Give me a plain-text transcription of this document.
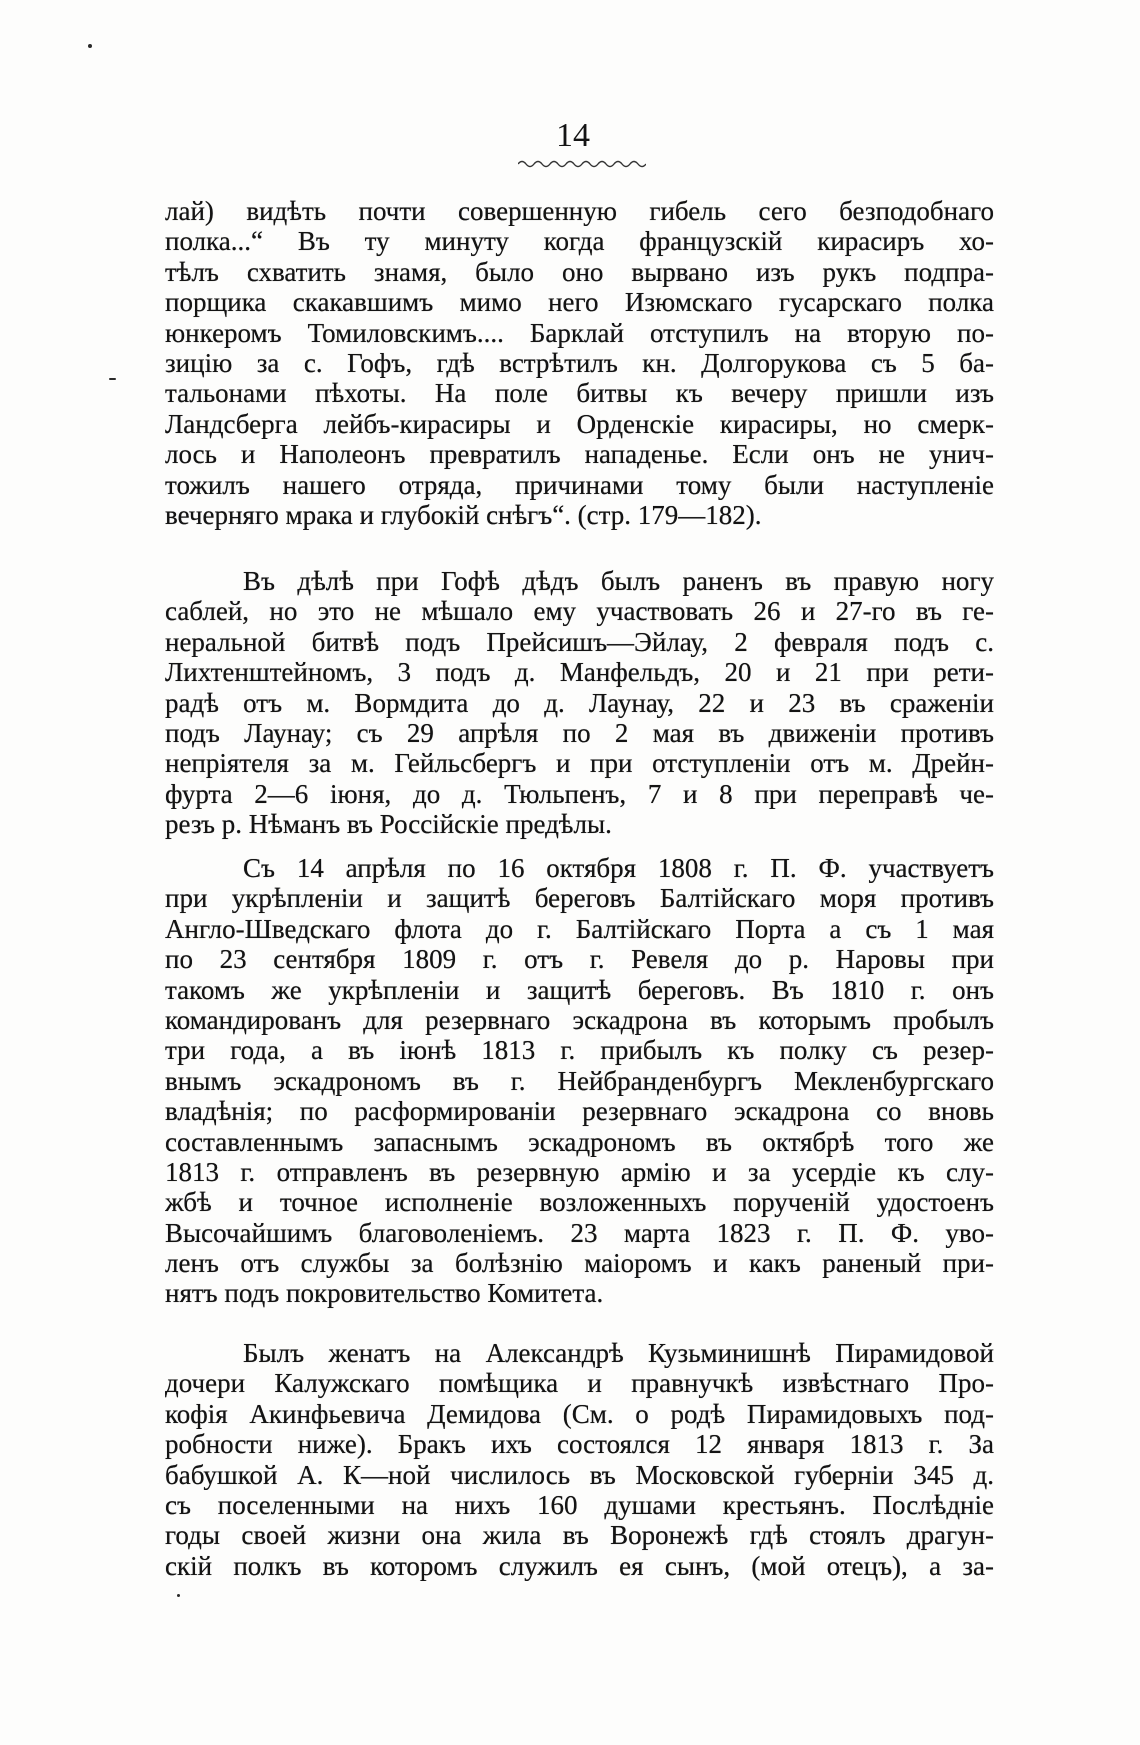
14
лай) видѣть почти совершенную гибель сего безподобнаго
полка...“ Въ ту минуту когда французскій кирасиръ хо-
тѣлъ схватить знамя, было оно вырвано изъ рукъ подпра-
порщика скакавшимъ мимо него Изюмскаго гусарскаго полка
юнкеромъ Томиловскимъ.... Барклай отступилъ на вторую по-
зицію за с. Гофъ, гдѣ встрѣтилъ кн. Долгорукова съ 5 ба-
тальонами пѣхоты. На поле битвы къ вечеру пришли изъ
Ландсберга лейбъ-кирасиры и Орденскіе кирасиры, но смерк-
лось и Наполеонъ превратилъ нападенье. Если онъ не унич-
тожилъ нашего отряда, причинами тому были наступленіе
вечерняго мрака и глубокій снѣгъ“. (стр. 179—182).
Въ дѣлѣ при Гофѣ дѣдъ былъ раненъ въ правую ногу
саблей, но это не мѣшало ему участвовать 26 и 27-го въ ге-
неральной битвѣ подъ Прейсишъ—Эйлау, 2 февраля подъ с.
Лихтенштейномъ, 3 подъ д. Манфельдъ, 20 и 21 при рети-
радѣ отъ м. Вормдита до д. Лаунау, 22 и 23 въ сраженіи
подъ Лаунау; съ 29 апрѣля по 2 мая въ движеніи противъ
непріятеля за м. Гейльсбергъ и при отступленіи отъ м. Дрейн-
фурта 2—6 іюня, до д. Тюльпенъ, 7 и 8 при переправѣ че-
резъ р. Нѣманъ въ Россійскіе предѣлы.
Съ 14 апрѣля по 16 октября 1808 г. П. Ф. участвуетъ
при укрѣпленіи и защитѣ береговъ Балтійскаго моря противъ
Англо-Шведскаго флота до г. Балтійскаго Порта а съ 1 мая
по 23 сентября 1809 г. отъ г. Ревеля до р. Наровы при
такомъ же укрѣпленіи и защитѣ береговъ. Въ 1810 г. онъ
командированъ для резервнаго эскадрона въ которымъ пробылъ
три года, а въ іюнѣ 1813 г. прибылъ къ полку съ резер-
внымъ эскадрономъ въ г. Нейбранденбургъ Мекленбургскаго
владѣнія; по расформированіи резервнаго эскадрона со вновь
составленнымъ запаснымъ эскадрономъ въ октябрѣ того же
1813 г. отправленъ въ резервную армію и за усердіе къ слу-
жбѣ и точное исполненіе возложенныхъ порученій удостоенъ
Высочайшимъ благоволеніемъ. 23 марта 1823 г. П. Ф. уво-
ленъ отъ службы за болѣзнію маіоромъ и какъ раненый при-
нятъ подъ покровительство Комитета.
Былъ женатъ на Александрѣ Кузьминишнѣ Пирамидовой
дочери Калужскаго помѣщика и правнучкѣ извѣстнаго Про-
кофія Акинфьевича Демидова (См. о родѣ Пирамидовыхъ под-
робности ниже). Бракъ ихъ состоялся 12 января 1813 г. За
бабушкой А. К—ной числилось въ Московской губерніи 345 д.
съ поселенными на нихъ 160 душами крестьянъ. Послѣдніе
годы своей жизни она жила въ Воронежѣ гдѣ стоялъ драгун-
скій полкъ въ которомъ служилъ ея сынъ, (мой отецъ), а за-
